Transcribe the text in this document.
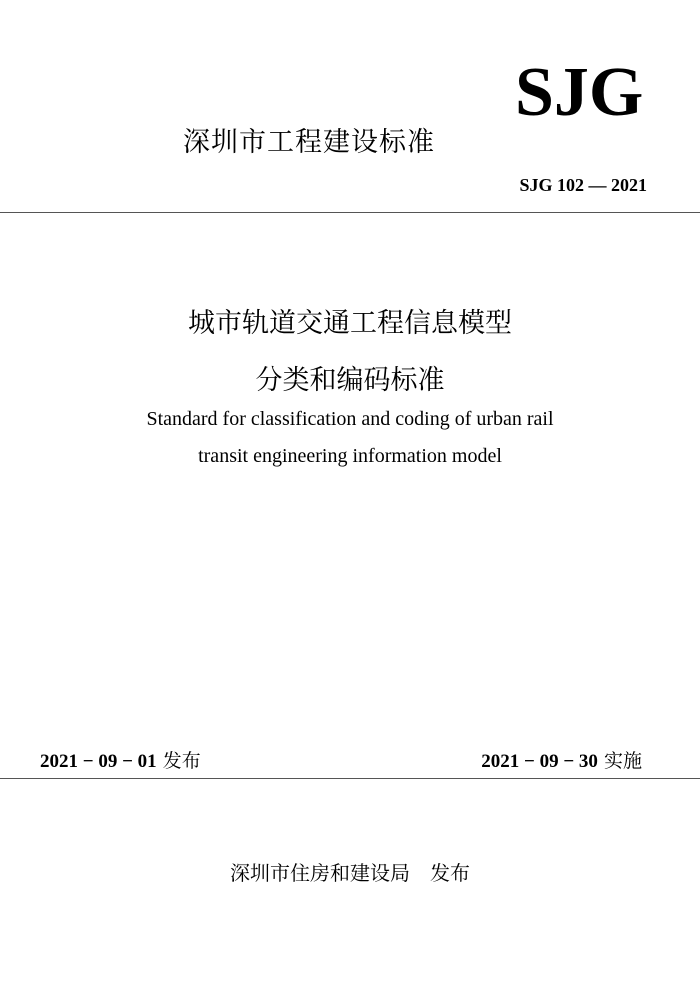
深圳市工程建设标准
SJG
SJG 102 — 2021
城市轨道交通工程信息模型
分类和编码标准
Standard for classification and coding of urban rail
transit engineering information model
2021 − 09 − 01 发布	2021 − 09 − 30 实施
深圳市住房和建设局　发布
